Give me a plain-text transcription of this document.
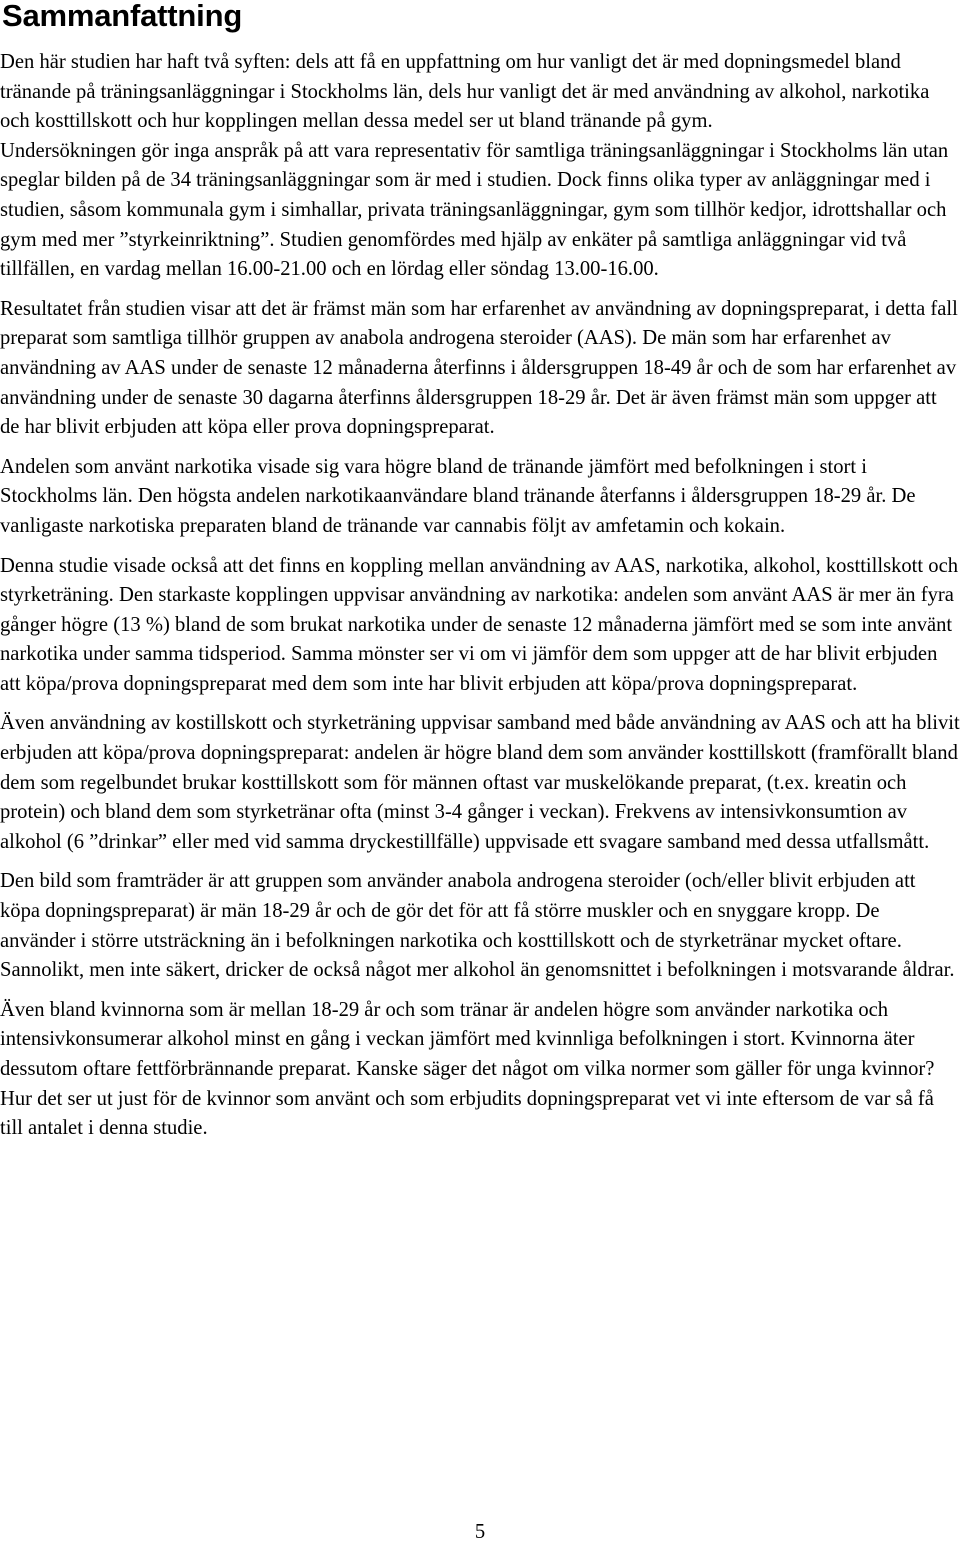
Sammanfattning

Den här studien har haft två syften: dels att få en uppfattning om hur vanligt det är med dopningsmedel bland tränande på träningsanläggningar i Stockholms län, dels hur vanligt det är med användning av alkohol, narkotika och kosttillskott och hur kopplingen mellan dessa medel ser ut bland tränande på gym.

Undersökningen gör inga anspråk på att vara representativ för samtliga träningsanläggningar i Stockholms län utan speglar bilden på de 34 träningsanläggningar som är med i studien. Dock finns olika typer av anläggningar med i studien, såsom kommunala gym i simhallar, privata träningsanläggningar, gym som tillhör kedjor, idrottshallar och gym med mer ”styrkeinriktning”. Studien genomfördes med hjälp av enkäter på samtliga anläggningar vid två tillfällen, en vardag mellan 16.00-21.00 och en lördag eller söndag 13.00-16.00.

Resultatet från studien visar att det är främst män som har erfarenhet av användning av dopningspreparat, i detta fall preparat som samtliga tillhör gruppen av anabola androgena steroider (AAS). De män som har erfarenhet av användning av AAS under de senaste 12 månaderna återfinns i åldersgruppen 18-49 år och de som har erfarenhet av användning under de senaste 30 dagarna återfinns åldersgruppen 18-29 år. Det är även främst män som uppger att de har blivit erbjuden att köpa eller prova dopningspreparat.

Andelen som använt narkotika visade sig vara högre bland de tränande jämfört med befolkningen i stort i Stockholms län. Den högsta andelen narkotikaanvändare bland tränande återfanns i åldersgruppen 18-29 år. De vanligaste narkotiska preparaten bland de tränande var cannabis följt av amfetamin och kokain.

Denna studie visade också att det finns en koppling mellan användning av AAS, narkotika, alkohol, kosttillskott och styrketräning. Den starkaste kopplingen uppvisar användning av narkotika: andelen som använt AAS är mer än fyra gånger högre (13 %) bland de som brukat narkotika under de senaste 12 månaderna jämfört med se som inte använt narkotika under samma tidsperiod. Samma mönster ser vi om vi jämför dem som uppger att de har blivit erbjuden att köpa/prova dopningspreparat med dem som inte har blivit erbjuden att köpa/prova dopningspreparat.

Även användning av kostillskott och styrketräning uppvisar samband med både användning av AAS och att ha blivit erbjuden att köpa/prova dopningspreparat: andelen är högre bland dem som använder kosttillskott (framförallt bland dem som regelbundet brukar kosttillskott som för männen oftast var muskelökande preparat, (t.ex. kreatin och protein) och bland dem som styrketränar ofta (minst 3-4 gånger i veckan). Frekvens av intensivkonsumtion av alkohol (6 ”drinkar” eller med vid samma dryckestillfälle) uppvisade ett svagare samband med dessa utfallsmått.

Den bild som framträder är att gruppen som använder anabola androgena steroider (och/eller blivit erbjuden att köpa dopningspreparat) är män 18-29 år och de gör det för att få större muskler och en snyggare kropp. De använder i större utsträckning än i befolkningen narkotika och kosttillskott och de styrketränar mycket oftare. Sannolikt, men inte säkert, dricker de också något mer alkohol än genomsnittet i befolkningen i motsvarande åldrar.

Även bland kvinnorna som är mellan 18-29 år och som tränar är andelen högre som använder narkotika och intensivkonsumerar alkohol minst en gång i veckan jämfört med kvinnliga befolkningen i stort. Kvinnorna äter dessutom oftare fettförbrännande preparat. Kanske säger det något om vilka normer som gäller för unga kvinnor? Hur det ser ut just för de kvinnor som använt och som erbjudits dopningspreparat vet vi inte eftersom de var så få till antalet i denna studie.

5
